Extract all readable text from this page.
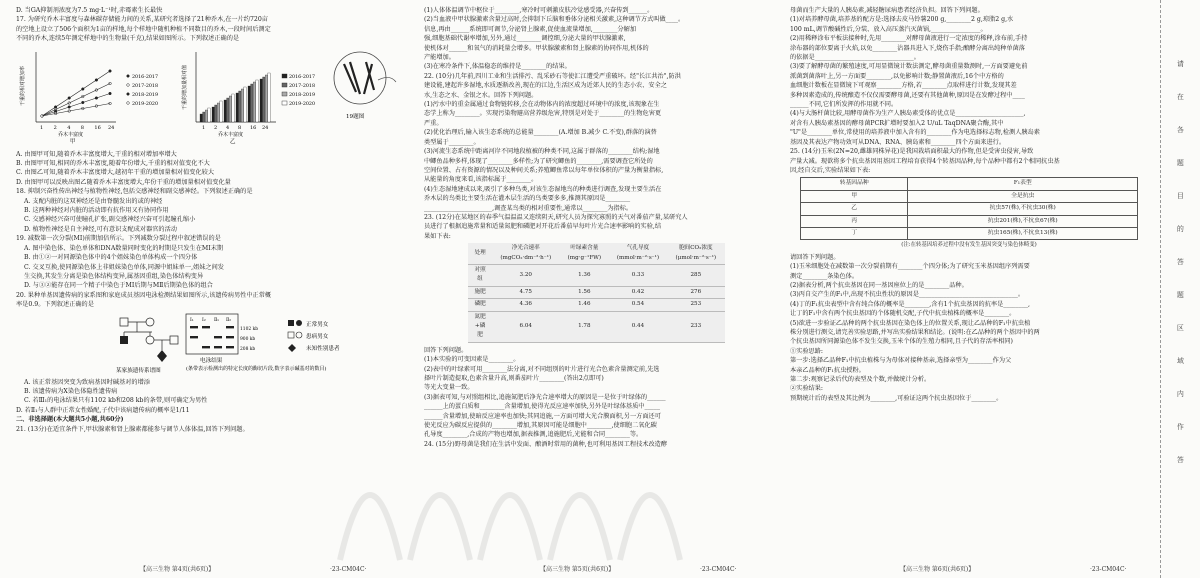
D. 当GA抑制剂浓度为7.5 mg·L⁻¹时,赤霉素生长最快
17. 为研究乔木丰富度与森林碳存储能力间的关系,某研究者选择了21种乔木,在一片约720亩
的空地上设立了506个面积为1亩的样地,每个样地中随机种植不同数目的乔木,一段时间后测定
不同的乔木,连续5年测定样地中的生物量(千克),结果如图所示。下列叙述正确的是
1 2 4 8 16 24
干重的相对增加率
乔木丰富度
甲
2016-2017
2017-2018
2018-2019
2019-2020
1 2 4 8 16 24
干重的增加量相对值
乔木丰富度
乙
2016-2017
2017-2018
2018-2019
2019-2020
19题图
A. 由图甲可知,随着乔木丰富度增大,干重的相对增加率增大
B. 由图甲可知,相同的乔木丰富度,随着年份增大,千重的相对值变化不大
C. 由图乙可知,随着乔木丰富度增大,越初年干重的增加量相对值变化较大
D. 由图甲可以反映出图乙随着乔木丰富度增大,年份干重的增加量相对值变化量
18. 抑制兴奋性传出神经与植物性神经,包括交感神经和副交感神经。下列叙述正确的是
A. 支配内脏的这双神经还是由脊髓发出的或的神经
B. 这两种神经对内脏的活动即有抗作用又有协同作用
C. 交感神经兴奋可使瞳孔扩张,副交感神经兴奋可引起瞳孔缩小
D. 植物性神经是自主神经,可有意识支配成对器官的活动
19. 减数第一次分裂(MⅠ)前期加倍所示。下列减数分裂过程中叙述错误的是
A. 图中染色体、染色单体和DNA数量同时变化的时期是只发生在MⅠ末期
B. 由①②一对同源染色体中的4个姐妹染色单体构成一个四分体
C. 交叉互换,使同源染色体上非姐妹染色单体,同源中姐妹单一,姐妹之间发
生交换,其发生分离是染色体结构变异,属基因重组,染色体结构变异
D. 与③②能存在同一个精子中染色于MⅠ后期与MⅡ后期染色体的组合
20. 果种单基因遗传病的家系图和家庭成员基因电泳检测结果如图所示,该遗传病男性中正常概
率是0.9。下列叙述正确的是
某家族遗传系谱图
Ⅰ₁ Ⅰ₂ Ⅱ₁ Ⅱ₂
1102 kb
900 kb
208 kb
电泳结果
(条带表示检测出的特定长度的酶切片段,数字表示碱基对的数目)
正常男女
患病男女
未知性别患者
A. 该正常基因突变为致病基因时碱基对的增添
B. 该遗传病为X染色体隐性遗传病
C. 若Ⅲ₁的电泳结果只有1102 kb和208 kb的条带,则可确定为男性
D. 若Ⅱ₁与人群中正常女性婚配,子代中该病遗传病的概率是1/11
二、非选择题(本大题共5小题,共60分)
21. (13分)在适宜条件下,甲状腺素和肾上腺素都能参与调节人体体温,回答下列问题。
【高三生物 第4页(共6页)】	·23-CM04C·
(1)人体体温调节中枢位于________,寒冷时可刺激皮肤冷觉感受器,兴奋传到______。
(2)当血液中甲状腺激素含量过高时,会抑制下丘脑和垂体分泌相关激素,这种调节方式叫做____。
信息,再由______系统即可调节,分泌肾上腺素,促使血流量增加,________分解加
强,细胞基础代谢率增加,另外,通过________调控细,分泌大量的甲状腺激素,
使机体对______和氧气的消耗量会增多。甲状腺激素和肾上腺素的协同作用,机体的
产能增加。
(3)在寒冷条件下,体温稳态的维持是________的结果。
22. (10分)几年前,四川工业和生活排污、乱采砂石等使汇江遭受严重破坏。经"长江共治",防洪
建设能,建起许多湿地,水质逐渐改善,现在的江边,生活区成为近郊人民的生态小农、安全之
水,生态之水、金银之水。回答下列问题。
(1)污水中的重金属通过食物链转移,会在动物体内的浓度超过环境中的浓度,该现象在生
态学上称为________。实现污染物避高营养级危害,特别是对处于________的生物危害更
严重。
(2)优化治理后,输入该生态系统的总能量________(A.增加 B.减少 C.不变),群落的演替
类型属于________。
(3)河流生态系统中距离河岸不同地段植被的种类不同,这属于群落的________结构;湿地
中鲫鱼品种多样,体现了________多样性;为了研究鲫鱼的________,需要调查它所处的
空间位置、占有资源的情况以及种间关系;养殖鲫鱼常以每年单位体积的产量为衡量指标,
从能量的角度来看,该指标属于________。
(4)生态湿地建成以来,吸引了多种鸟类,对该生态湿地鸟的种类进行调查,发现主要生活在
乔木层的鸟类比主要生活在灌木层生活的鸟类要多多,推测其原因是________
______________________,调查某鸟类的相对重要性,通常以________为指标。
23. (12分)在某地区的春季气温温温又连续阴天,研究人员为探究寡照的天气对番茄产量,某研究人
员进行了根据追施常量和适量氮肥和磷肥对开花后番茄早每叶片光合速率影响的实验,结
果如下表:
处理	净光合速率(mgCO₂·dm⁻²·h⁻¹)	叶绿素含量(mg·g⁻¹FW)	气孔导度(mmol·m⁻²·s⁻¹)	胞间CO₂浓度(μmol·m⁻²·s⁻¹)
对照组	3.20	1.36	0.33	285
施肥	4.75	1.56	0.42	276
磷肥	4.36	1.46	0.54	253
氮肥+磷肥	6.04	1.78	0.44	233
回答下列问题。
(1)本实验的可变因素是________。
(2)表中的叶绿素可用________法分离,对不同组别的叶片进行光合色素含量测定前,先选
择叶片制造提取,色素含量升高,则番茄叶片________(答出2点即可)
等光大变量一致。
(3)据表可知,与对照组相比,追施氮肥后净光合速率增大的原因是一是位于叶绿体的______
______上的蛋白质和________含量增加,使得光反应速率加快,另外是叶绿体基质中_____
______含量增加,使暗反应速率也加快;其同追施,一方面可增大光合膜面积,另一方面还可
使光反应为碳反应提供的________增加,其原因可能是细胞中________,使细胞二氧化碳
孔导度________,合成的产物也增加,据表推测,追施肥后,光能和合同________等。
24. (15分)野母菌是我们在生活中发面、酿酒时常用的菌种,也可利用基因工程技术改造酵
【高三生物 第5页(共6页)】	·23-CM04C·
母菌而生产大量的人胰岛素,减轻糖尿病患者经济负担。回答下列问题。
(1)对培养酵母菌,培养基的配方是:选择去皮马铃薯200 g,________2 g,琼脂2 g,水
100 mL,调节酸碱性后,分装、放入高压蒸汽灭菌锅,________________。
(2)用稀释涂布平板法接种时,先用________对酵母菌液进行一定浓度的稀释,涂布前,手持
涂布器的部位要离于火焰,以免________沾器具进入下,烧伤手指;酿酵分离出纯种单菌落
的依据是________________________________。
(3)要了解酵母菌的繁殖速度,可用显微镜计数法测定,酵母菌重量数测时,一方面要避免前
派菌到菌落叶上,另一方面要________,以免影响计数;静置菌液后,16个中方格的
血细胞计数板在显微镜下可观察________方格,若________点取样进行计数,发现其差
多种因素造成的,传统酿造不仅仅需要酵母菌,还要有其他菌种,原因是在发酵过程中____
______不同,它们所发挥的作用就不同。
(4)与大肠杆菌比较,用酵母菌作为生产人胰岛素受体的优点是______________________,
对含有人胰岛素基因的酵母菌PCR扩增时要加入2 U/uL TaqDNA聚合酶,其中
"U"是________单位,常使用的培养液中加入含有的________作为电选择标志物,检测人胰岛素
基因及其表达产物功效可从DNA、RNA、胰岛素和________四个方面来进行。
25. (14分)玉米(2N=20,雌雄同株异花)是我国栽培面积最大的作物,但是受害虫侵害,导致
产量大减。现欲将多个抗虫基因用基因工程培育获得4个转基因品种,每个品种中都有2个相同抗虫基
因,经自交后,实验结果如下表:
转基因品种	F₁表型
甲	全是抗虫
乙	抗虫57(株),不抗虫30(株)
丙	抗虫201(株),不抗虫67(株)
丁	抗虫165(株),不抗虫13(株)
(注:在转基因培养过程中没有发生基因突变与染色体畸变)
请回答下列问题。
(1)玉米细胞处在减数第一次分裂前期有________个四分体;为了研究玉米基因组序列需要
测定________条染色体。
(2)据表分析,两个抗虫基因在同一基因座位上的是________品种。
(3)丙自交产生的F₁中,出现不抗虫性状的原因是________________________________。
(4)丁的F₁抗虫表型中含有纯合体的概率是________,含有1个抗虫基因的抗率是________,
让丁的F₁中含有两个抗虫基因的个体随机交配,子代中抗虫植株的概率是________。
(5)欲进一步验证乙品种的两个抗虫基因在染色体上的位置关系,现让乙品种的F₁中抗虫植
株分别进行测交,请完善实验思路,并写出实验结果和结论。(说明:在乙品种的两个基因中的两
个抗虫基因所同源染色体不发生交换,玉米个体的生殖力相同,且子代的存活率相同)
①实验思路:
第一步:选择乙品种F₁中抗虫植株与为母体对接种基亲,选择亲型为________作为父
本亲乙品种的F₁抗虫授粉。
第二步:观察记录后代的表型及个数,并做统计分析。
②实验结果:
预期统计后的表型及其比例为________,可验证这两个抗虫基因位于________。
【高三生物 第6页(共6页)】	·23-CM04C·
请在各题目的答题区域内作答
